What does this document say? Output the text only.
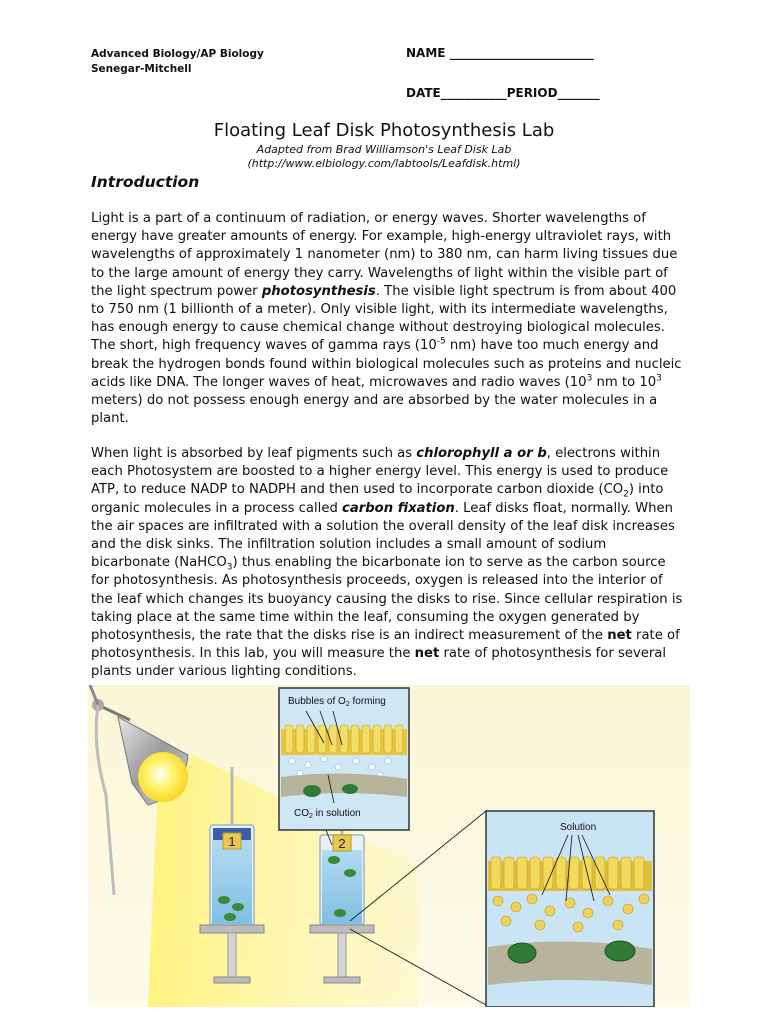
Advanced Biology/AP Biology
Senegar-Mitchell
NAME ________________________
DATE___________PERIOD_______
Floating Leaf Disk Photosynthesis Lab
Adapted from Brad Williamson's Leaf Disk Lab
(http://www.elbiology.com/labtools/Leafdisk.html)
Introduction
Light is a part of a continuum of radiation, or energy waves. Shorter wavelengths of energy have greater amounts of energy. For example, high-energy ultraviolet rays, with wavelengths of approximately 1 nanometer (nm) to 380 nm, can harm living tissues due to the large amount of energy they carry. Wavelengths of light within the visible part of the light spectrum power photosynthesis. The visible light spectrum is from about 400 to 750 nm (1 billionth of a meter). Only visible light, with its intermediate wavelengths, has enough energy to cause chemical change without destroying biological molecules. The short, high frequency waves of gamma rays ($10^{-5}$ nm) have too much energy and break the hydrogen bonds found within biological molecules such as proteins and nucleic acids like DNA. The longer waves of heat, microwaves and radio waves ($10^3$ nm to $10^3$ meters) do not possess enough energy and are absorbed by the water molecules in a plant.
When light is absorbed by leaf pigments such as chlorophyll a or b, electrons within each Photosystem are boosted to a higher energy level. This energy is used to produce ATP, to reduce NADP to NADPH and then used to incorporate carbon dioxide $(CO_2)$ into organic molecules in a process called carbon fixation. Leaf disks float, normally. When the air spaces are infiltrated with a solution the overall density of the leaf disk increases and the disk sinks. The infiltration solution includes a small amount of sodium bicarbonate (NaHCO$_3$) thus enabling the bicarbonate ion to serve as the carbon source for photosynthesis. As photosynthesis proceeds, oxygen is released into the interior of the leaf which changes its buoyancy causing the disks to rise. Since cellular respiration is taking place at the same time within the leaf, consuming the oxygen generated by photosynthesis, the rate that the disks rise is an indirect measurement of the net rate of photosynthesis. In this lab, you will measure the net rate of photosynthesis for several plants under various lighting conditions.
1	2
Bubbles of $O_2$ forming
$CO_2$ in solution
Solution
